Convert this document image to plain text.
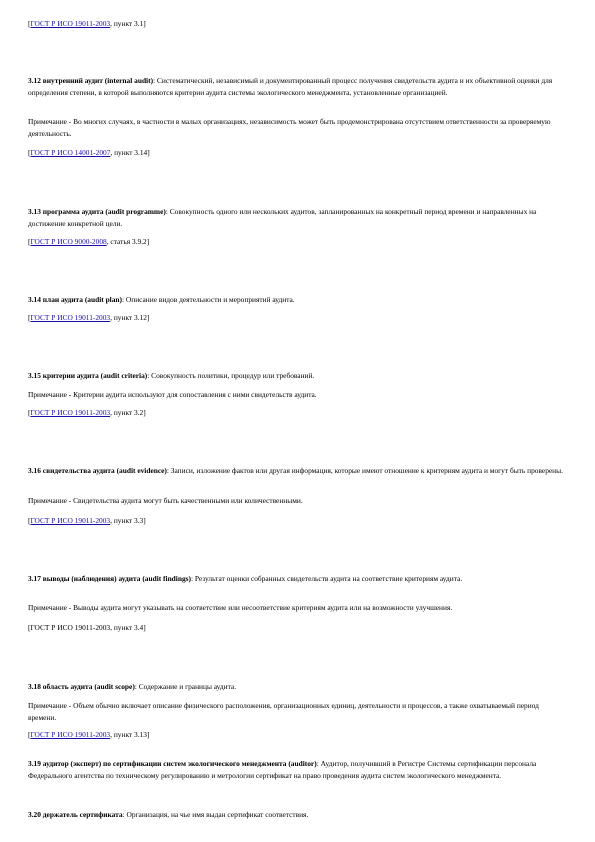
[ГОСТ Р ИСО 19011-2003, пункт 3.1]

3.12 внутренний аудит (internal audit): Систематический, независимый и документированный процесс получения свидетельств аудита и их объективной оценки для определения степени, в которой выполняются критерии аудита системы экологического менеджмента, установленные организацией.

Примечание - Во многих случаях, в частности в малых организациях, независимость может быть продемонстрирована отсутствием ответственности за проверяемую деятельность.

[ГОСТ Р ИСО 14001-2007, пункт 3.14]

3.13 программа аудита (audit programme): Совокупность одного или нескольких аудитов, запланированных на конкретный период времени и направленных на достижение конкретной цели.

[ГОСТ Р ИСО 9000-2008, статья 3.9.2]

3.14 план аудита (audit plan): Описание видов деятельности и мероприятий аудита.

[ГОСТ Р ИСО 19011-2003, пункт 3.12]

3.15 критерии аудита (audit criteria): Совокупность политики, процедур или требований.

Примечание - Критерии аудита используют для сопоставления с ними свидетельств аудита.

[ГОСТ Р ИСО 19011-2003, пункт 3.2]

3.16 свидетельства аудита (audit evidence): Записи, изложение фактов или другая информация, которые имеют отношение к критериям аудита и могут быть проверены.

Примечание - Свидетельства аудита могут быть качественными или количественными.

[ГОСТ Р ИСО 19011-2003, пункт 3.3]

3.17 выводы (наблюдения) аудита (audit findings): Результат оценки собранных свидетельств аудита на соответствие критериям аудита.

Примечание - Выводы аудита могут указывать на соответствие или несоответствие критериям аудита или на возможности улучшения.

[ГОСТ Р ИСО 19011-2003, пункт 3.4]

3.18 область аудита (audit scope): Содержание и границы аудита.

Примечание - Объем обычно включает описание физического расположения, организационных единиц, деятельности и процессов, а также охватываемый период времени.

[ГОСТ Р ИСО 19011-2003, пункт 3.13]

3.19 аудитор (эксперт) по сертификации систем экологического менеджмента (auditor): Аудитор, получивший в Регистре Системы сертификации персонала Федерального агентства по техническому регулированию и метрологии сертификат на право проведения аудита систем экологического менеджмента.

3.20 держатель сертификата: Организация, на чье имя выдан сертификат соответствия.
